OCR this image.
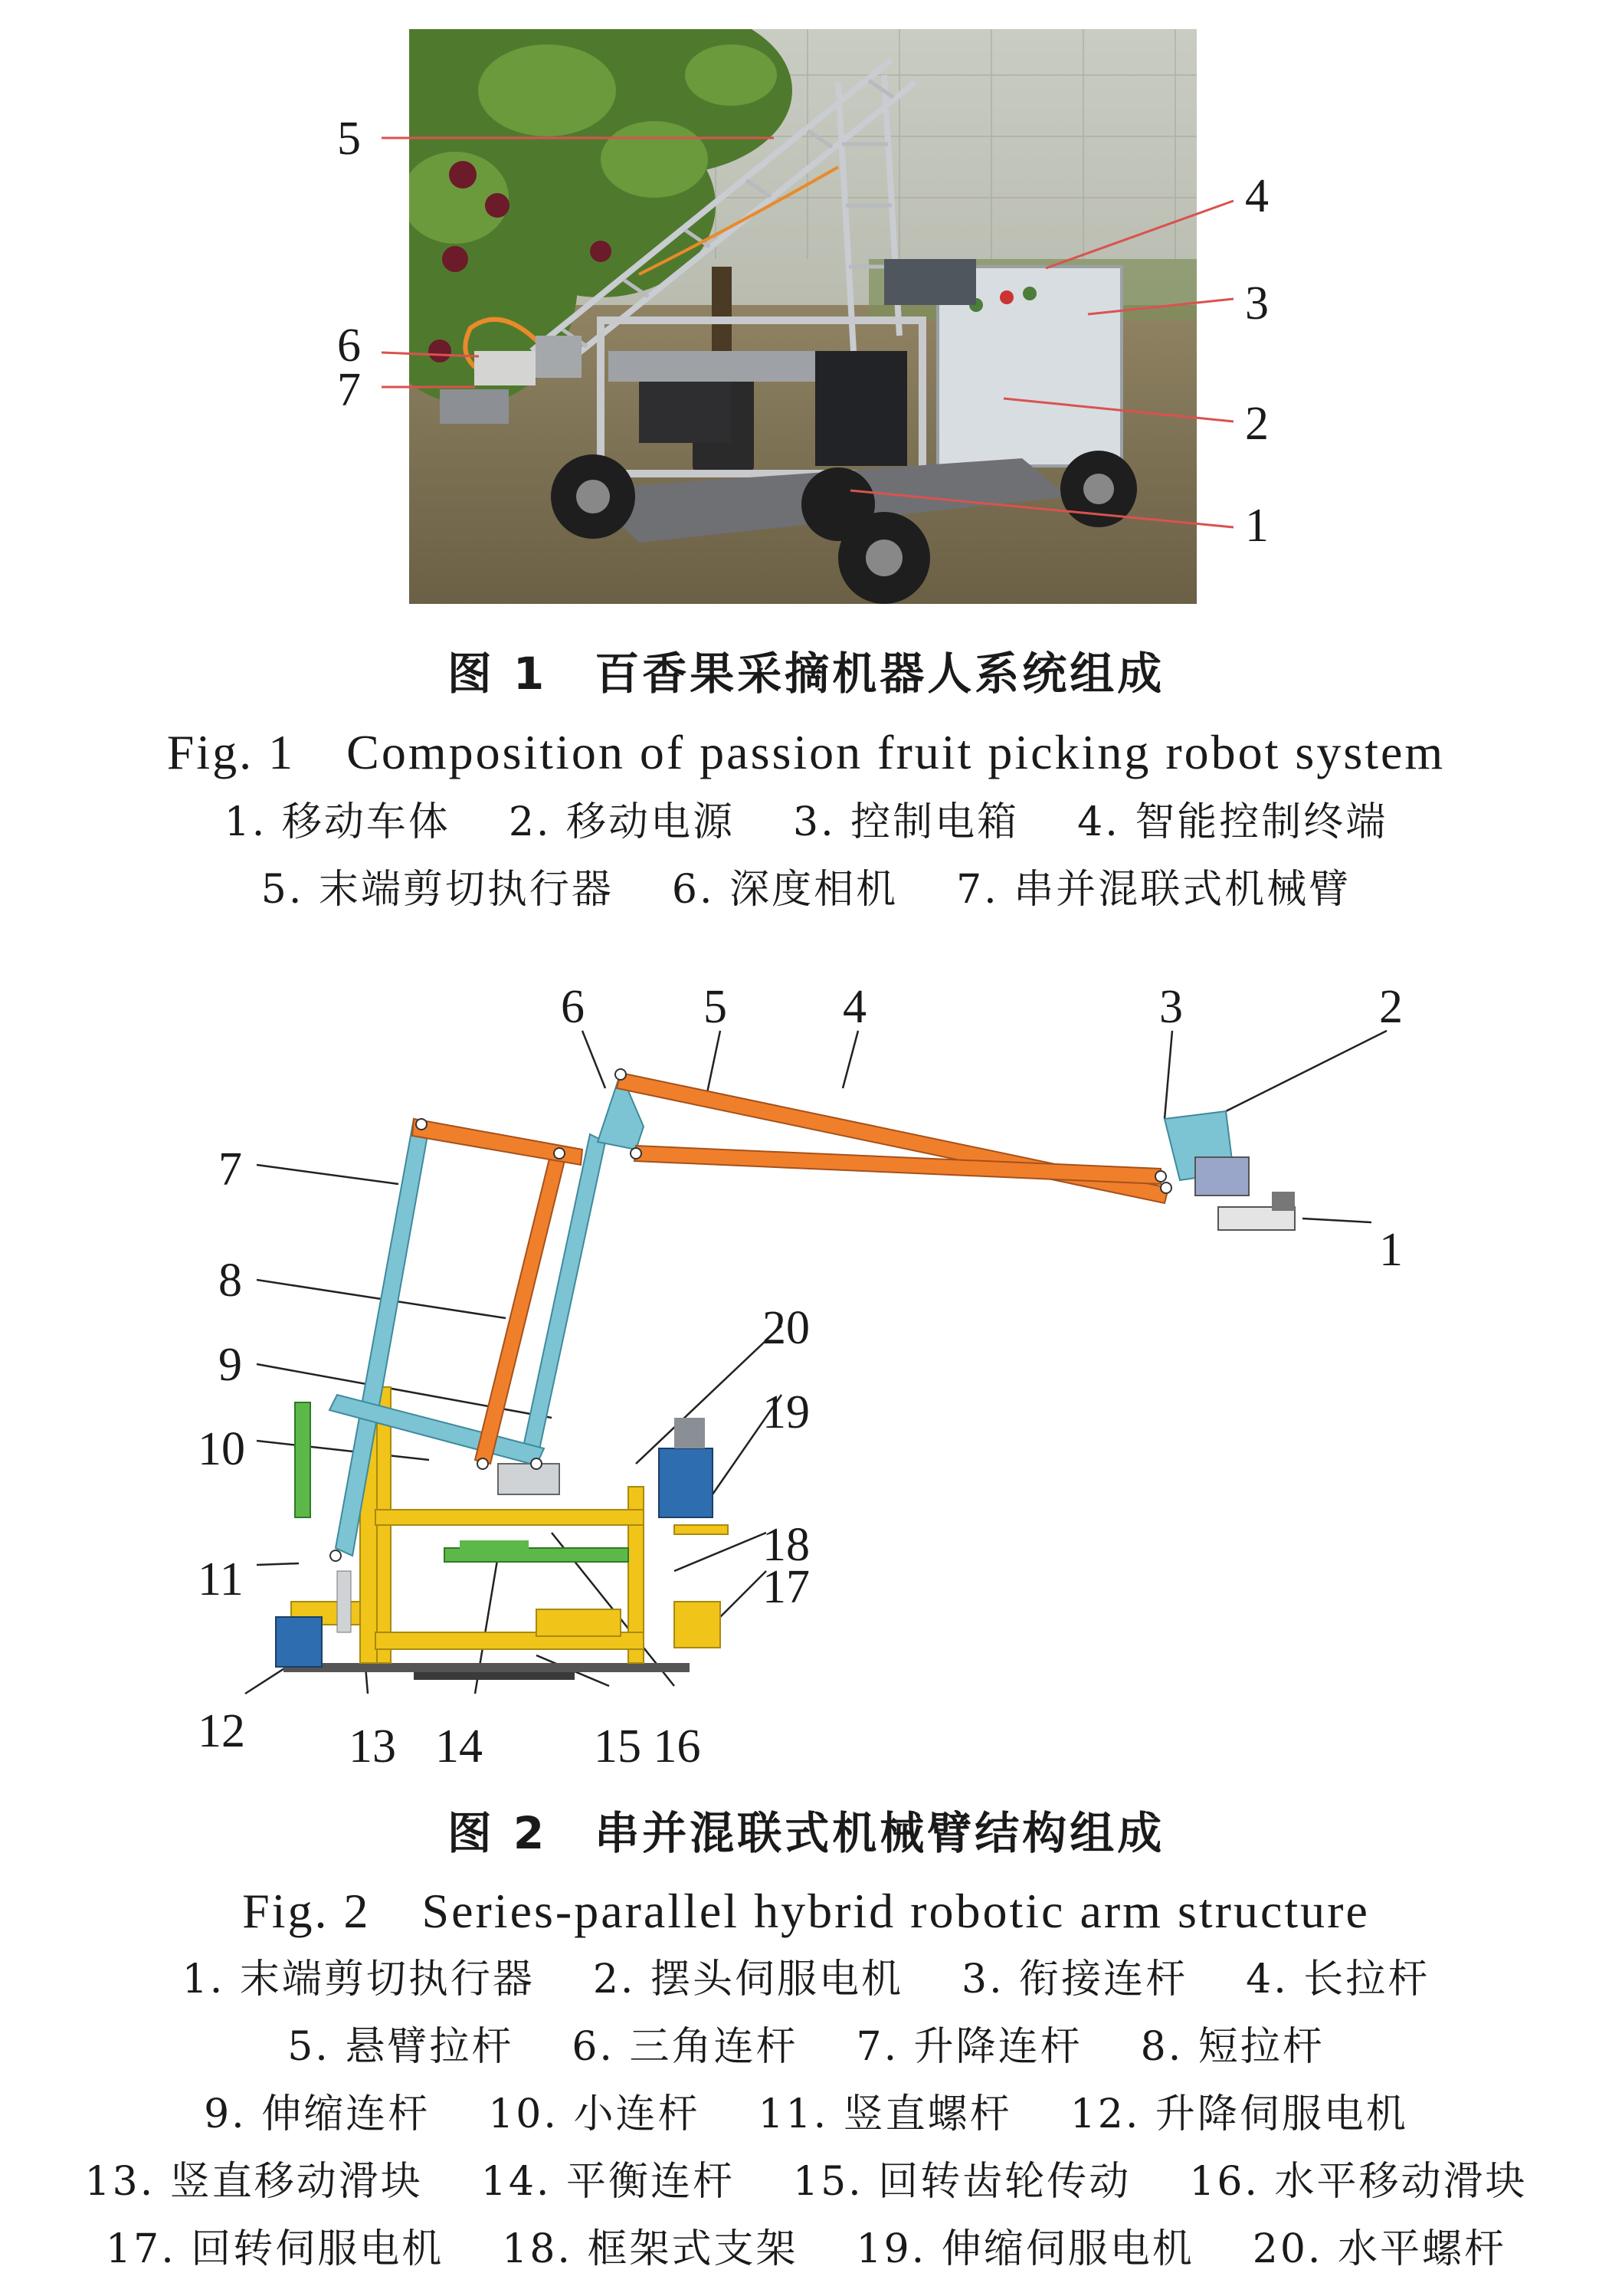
5
4
3
6
7
2
1
图 1　百香果采摘机器人系统组成
Fig. 1　Composition of passion fruit picking robot system
1. 移动车体 2. 移动电源 3. 控制电箱 4. 智能控制终端
5. 末端剪切执行器 6. 深度相机 7. 串并混联式机械臂
6	5 4	3	2
7
1
8
20
9
19
10
18
11	17
12 13 14 15 16
图 2　串并混联式机械臂结构组成
Fig. 2　Series-parallel hybrid robotic arm structure
1. 末端剪切执行器 2. 摆头伺服电机 3. 衔接连杆 4. 长拉杆
5. 悬臂拉杆 6. 三角连杆 7. 升降连杆 8. 短拉杆
9. 伸缩连杆 10. 小连杆 11. 竖直螺杆 12. 升降伺服电机
13. 竖直移动滑块 14. 平衡连杆 15. 回转齿轮传动 16. 水平移动滑块
17. 回转伺服电机 18. 框架式支架 19. 伸缩伺服电机 20. 水平螺杆
